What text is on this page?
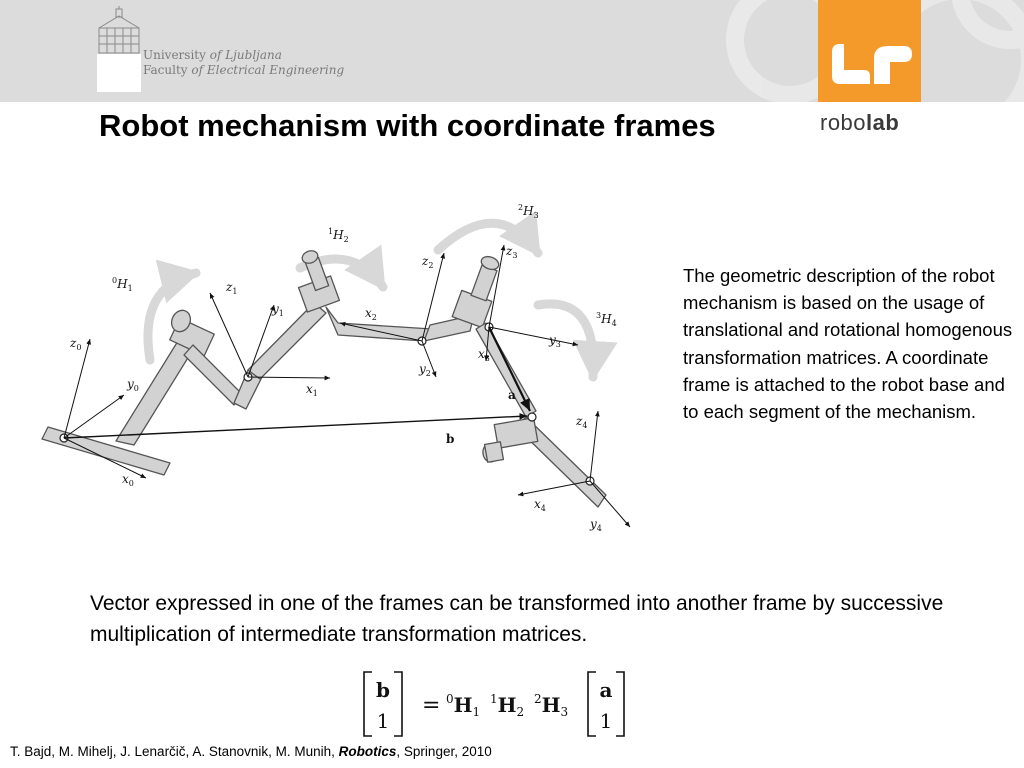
University of Ljubljana
Faculty of Electrical Engineering
robolab
Robot mechanism with coordinate frames
$^0H_1$
$^1H_2$
$^2H_3$
$^3H_4$
$z_0$
$y_0$
$x_0$
$z_1$
$y_1$
$x_1$
$z_2$
$x_2$
$y_2$
$z_3$
$y_3$
$x_3$
$z_4$
$x_4$
$y_4$
a
b
The geometric description of the robot mechanism is based on the usage of translational and rotational homogenous transformation matrices. A coordinate frame is attached to the robot base and to each segment of the mechanism.
Vector expressed in one of the frames can be transformed into another frame by successive multiplication of intermediate transformation matrices.
b
1
= $^0H_1$
$^1H_2$
$^2H_3$
a
1
T. Bajd, M. Mihelj, J. Lenarčič, A. Stanovnik, M. Munih, Robotics, Springer, 2010
